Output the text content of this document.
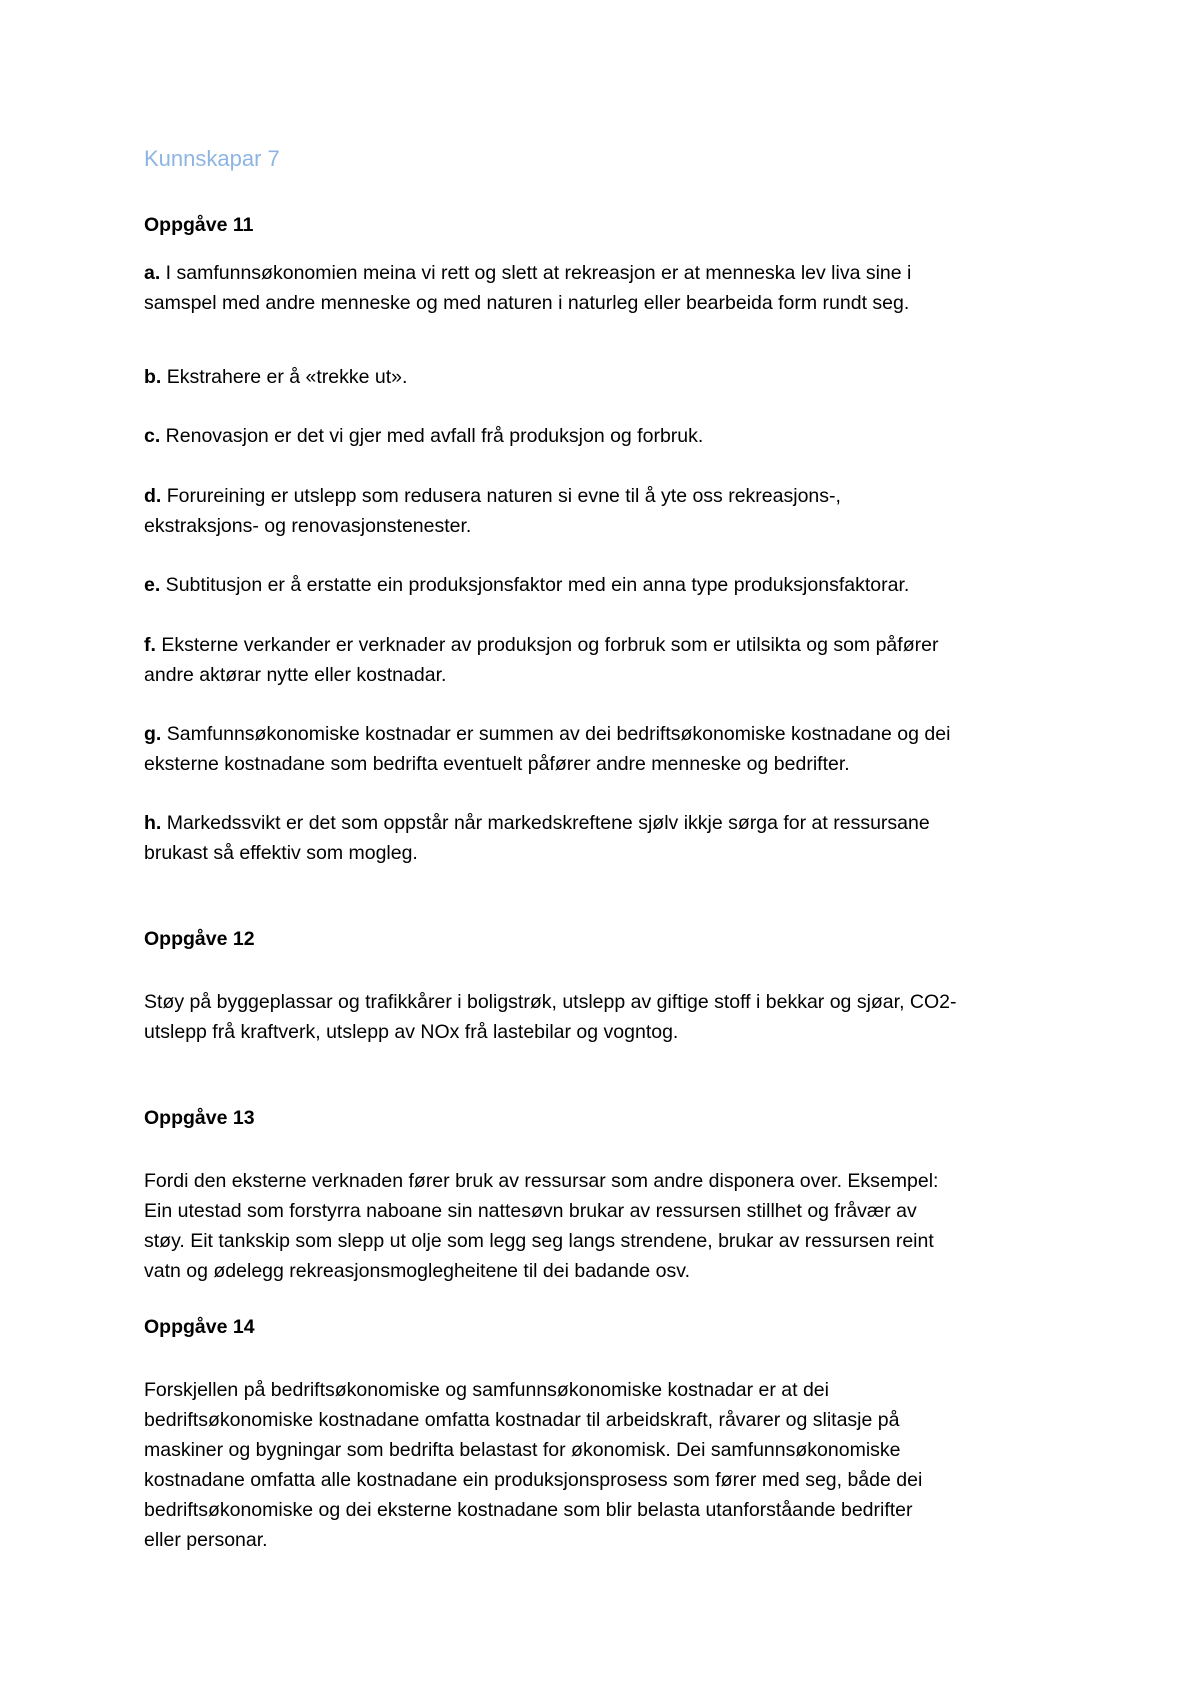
Kunnskapar 7
Oppgåve 11

a. I samfunnsøkonomien meina vi rett og slett at rekreasjon er at menneska lev liva sine i
samspel med andre menneske og med naturen i naturleg eller bearbeida form rundt seg.

b. Ekstrahere er å «trekke ut».

c. Renovasjon er det vi gjer med avfall frå produksjon og forbruk.

d. Forureining er utslepp som redusera naturen si evne til å yte oss rekreasjons-,
ekstraksjons- og renovasjonstenester.

e. Subtitusjon er å erstatte ein produksjonsfaktor med ein anna type produksjonsfaktorar.

f. Eksterne verkander er verknader av produksjon og forbruk som er utilsikta og som påfører
andre aktørar nytte eller kostnadar.

g. Samfunnsøkonomiske kostnadar er summen av dei bedriftsøkonomiske kostnadane og dei
eksterne kostnadane som bedrifta eventuelt påfører andre menneske og bedrifter.

h. Markedssvikt er det som oppstår når markedskreftene sjølv ikkje sørga for at ressursane
brukast så effektiv som mogleg.

Oppgåve 12

Støy på byggeplassar og trafikkårer i boligstrøk, utslepp av giftige stoff i bekkar og sjøar, CO2-
utslepp frå kraftverk, utslepp av NOx frå lastebilar og vogntog.

Oppgåve 13

Fordi den eksterne verknaden fører bruk av ressursar som andre disponera over. Eksempel:
Ein utestad som forstyrra naboane sin nattesøvn brukar av ressursen stillhet og fråvær av
støy. Eit tankskip som slepp ut olje som legg seg langs strendene, brukar av ressursen reint
vatn og ødelegg rekreasjonsmoglegheitene til dei badande osv.

Oppgåve 14

Forskjellen på bedriftsøkonomiske og samfunnsøkonomiske kostnadar er at dei
bedriftsøkonomiske kostnadane omfatta kostnadar til arbeidskraft, råvarer og slitasje på
maskiner og bygningar som bedrifta belastast for økonomisk. Dei samfunnsøkonomiske
kostnadane omfatta alle kostnadane ein produksjonsprosess som fører med seg, både dei
bedriftsøkonomiske og dei eksterne kostnadane som blir belasta utanforståande bedrifter
eller personar.
